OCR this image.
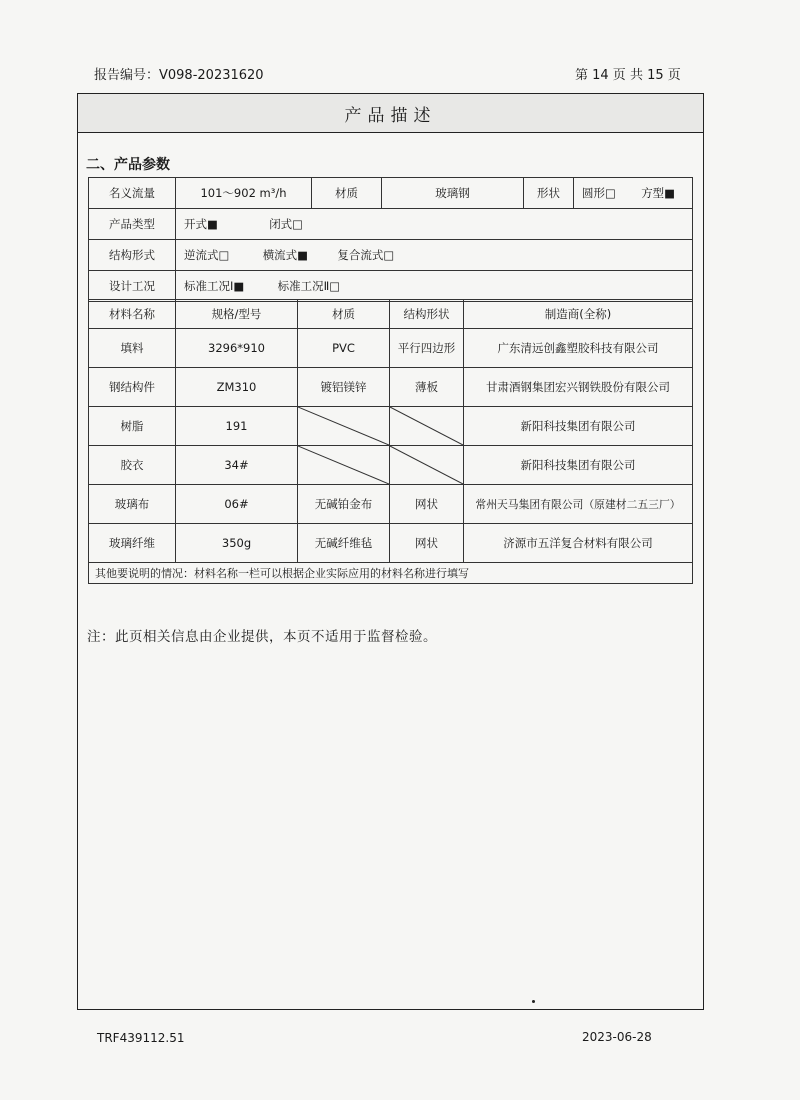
报告编号：V098-20231620	第 14 页 共 15 页
产品描述
二、产品参数
名义流量	101～902 m³/h	材质	玻璃钢	形状	圆形□ 方型■
产品类型	开式■ 闭式□				
结构形式	逆流式□ 横流式■ 复合流式□				
设计工况	标准工况Ⅰ■ 标准工况Ⅱ□				
材料名称	规格/型号	材质	结构形状	制造商(全称)
填料	3296*910	PVC	平行四边形	广东清远创鑫塑胶科技有限公司
钢结构件	ZM310	镀铝镁锌	薄板	甘肃酒钢集团宏兴钢铁股份有限公司
树脂	191			新阳科技集团有限公司
胶衣	34#			新阳科技集团有限公司
玻璃布	06#	无碱铂金布	网状	常州天马集团有限公司（原建材二五三厂）
玻璃纤维	350g	无碱纤维毡	网状	济源市五洋复合材料有限公司
其他要说明的情况：材料名称一栏可以根据企业实际应用的材料名称进行填写				
注：此页相关信息由企业提供，本页不适用于监督检验。
TRF439112.51	2023-06-28
